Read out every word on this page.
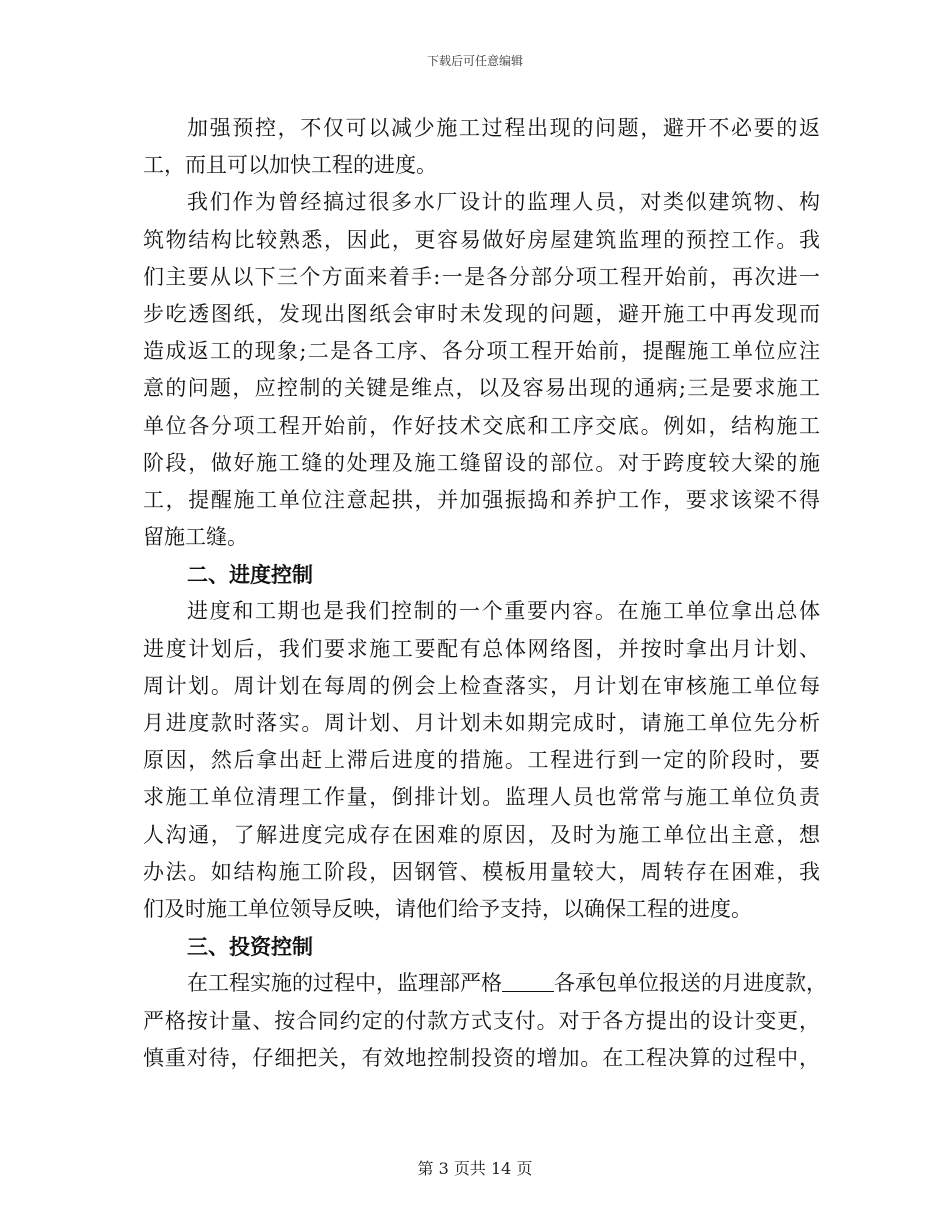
下载后可任意编辑
加强预控，不仅可以减少施工过程出现的问题，避开不必要的返
工，而且可以加快工程的进度。
我们作为曾经搞过很多水厂设计的监理人员，对类似建筑物、构
筑物结构比较熟悉，因此，更容易做好房屋建筑监理的预控工作。我
们主要从以下三个方面来着手:一是各分部分项工程开始前，再次进一
步吃透图纸，发现出图纸会审时未发现的问题，避开施工中再发现而
造成返工的现象;二是各工序、各分项工程开始前，提醒施工单位应注
意的问题，应控制的关键是维点，以及容易出现的通病;三是要求施工
单位各分项工程开始前，作好技术交底和工序交底。例如，结构施工
阶段，做好施工缝的处理及施工缝留设的部位。对于跨度较大梁的施
工，提醒施工单位注意起拱，并加强振捣和养护工作，要求该梁不得
留施工缝。
二、进度控制
进度和工期也是我们控制的一个重要内容。在施工单位拿出总体
进度计划后，我们要求施工要配有总体网络图，并按时拿出月计划、
周计划。周计划在每周的例会上检查落实，月计划在审核施工单位每
月进度款时落实。周计划、月计划未如期完成时，请施工单位先分析
原因，然后拿出赶上滞后进度的措施。工程进行到一定的阶段时，要
求施工单位清理工作量，倒排计划。监理人员也常常与施工单位负责
人沟通，了解进度完成存在困难的原因，及时为施工单位出主意，想
办法。如结构施工阶段，因钢管、模板用量较大，周转存在困难，我
们及时施工单位领导反映，请他们给予支持，以确保工程的进度。
三、投资控制
在工程实施的过程中，监理部严格 各承包单位报送的月进度款，
严格按计量、按合同约定的付款方式支付。对于各方提出的设计变更，
慎重对待，仔细把关，有效地控制投资的增加。在工程决算的过程中，
第 3 页共 14 页
